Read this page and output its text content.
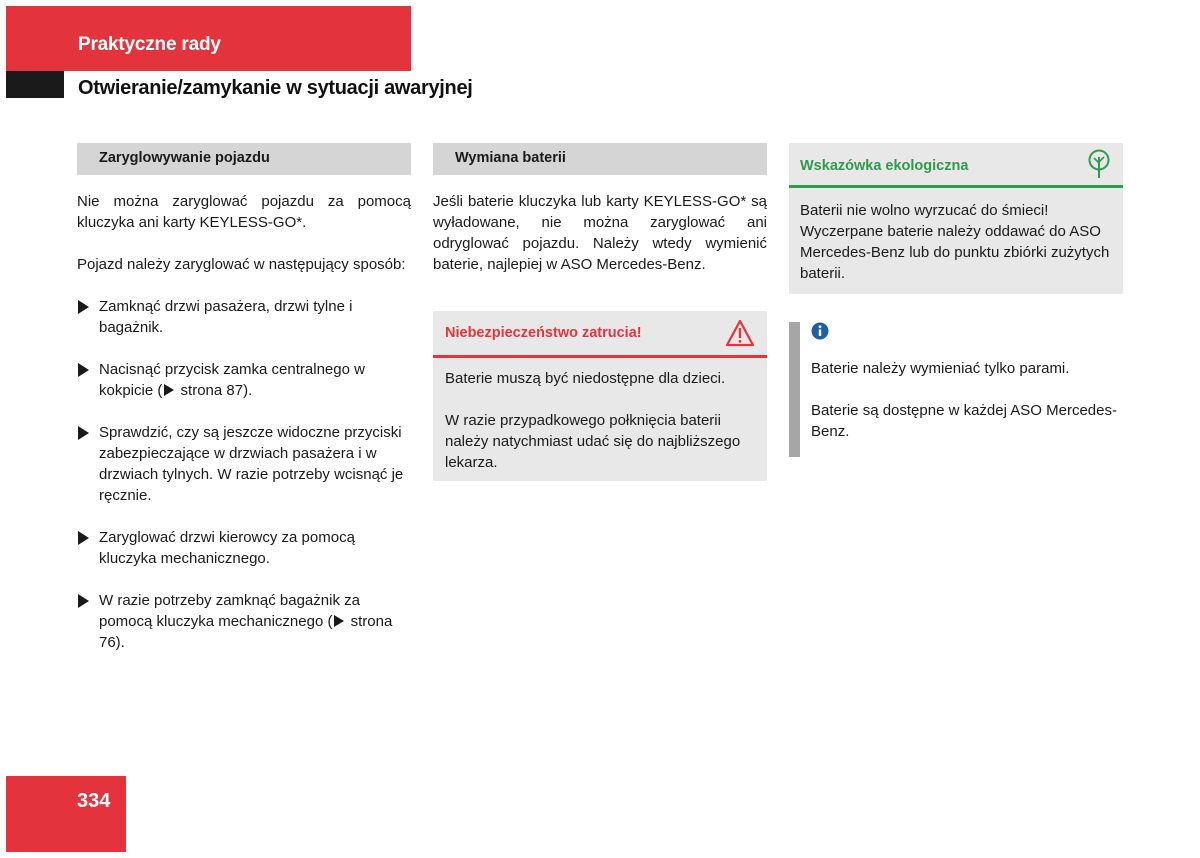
Praktyczne rady
Otwieranie/zamykanie w sytuacji awaryjnej
Zaryglowywanie pojazdu

Nie można zaryglować pojazdu za pomocą kluczyka ani karty KEYLESS-GO*.

Pojazd należy zaryglować w następujący sposób:

Zamknąć drzwi pasażera, drzwi tylne i bagażnik.
Nacisnąć przycisk zamka centralnego w kokpicie ( strona 87).
Sprawdzić, czy są jeszcze widoczne przyciski zabezpieczające w drzwiach pasażera i w drzwiach tylnych. W razie potrzeby wcisnąć je ręcznie.
Zaryglować drzwi kierowcy za pomocą kluczyka mechanicznego.
W razie potrzeby zamknąć bagażnik za pomocą kluczyka mechanicznego ( strona 76).
Wymiana baterii

Jeśli baterie kluczyka lub karty KEYLESS-GO* są wyładowane, nie można zaryglować ani odryglować pojazdu. Należy wtedy wymienić baterie, najlepiej w ASO Mercedes-Benz.

Niebezpieczeństwo zatrucia!

Baterie muszą być niedostępne dla dzieci.

W razie przypadkowego połknięcia baterii należy natychmiast udać się do najbliższego lekarza.

Wskazówka ekologiczna

Baterii nie wolno wyrzucać do śmieci! Wyczerpane baterie należy oddawać do ASO Mercedes-Benz lub do punktu zbiórki zużytych baterii.

Baterie należy wymieniać tylko parami.

Baterie są dostępne w każdej ASO Mercedes-Benz.

334
